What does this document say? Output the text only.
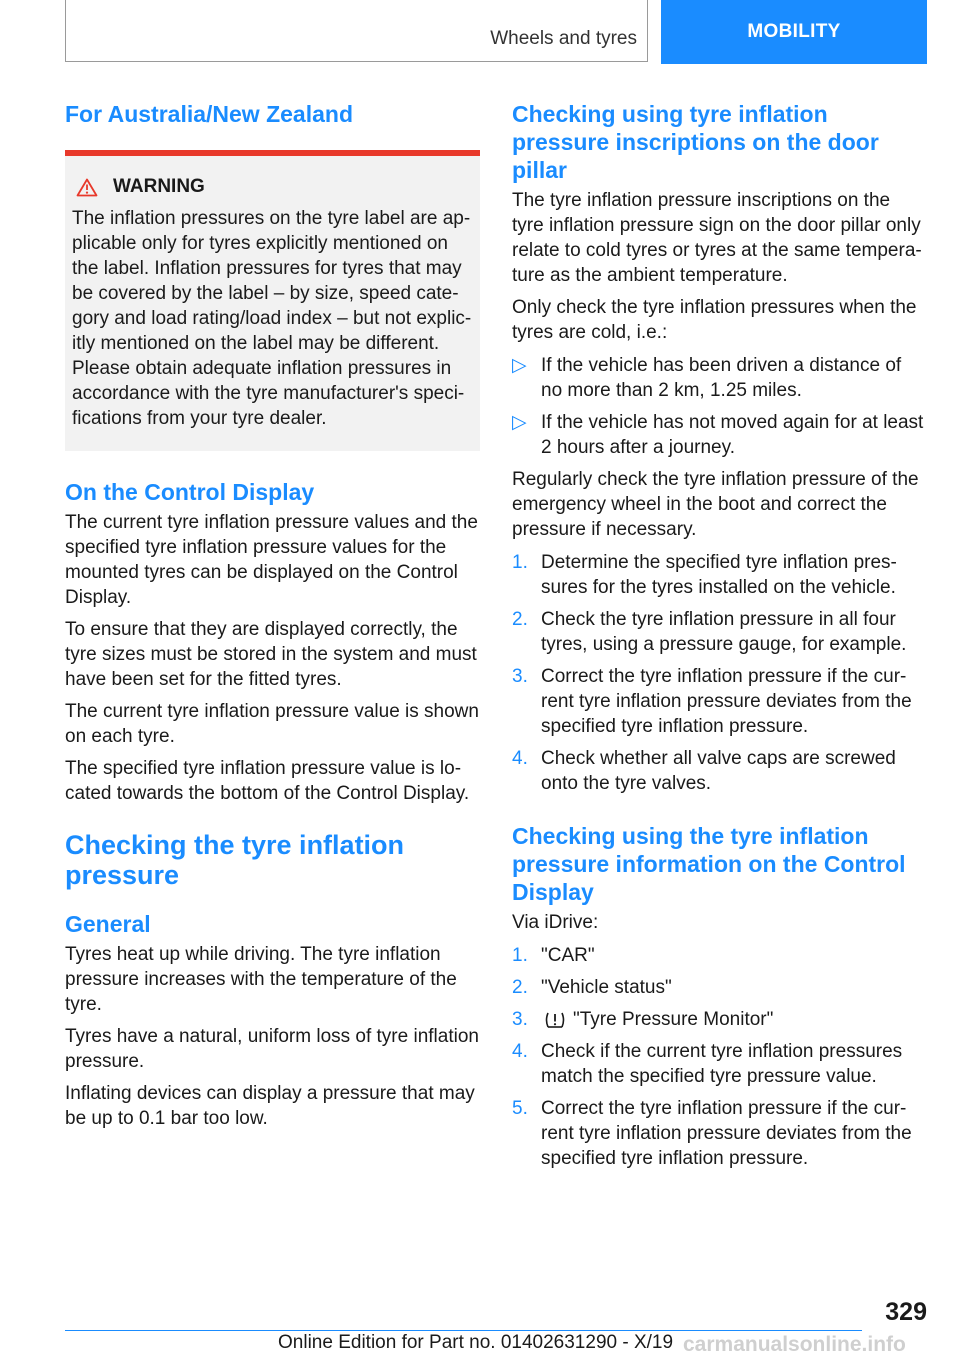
Wheels and tyres	MOBILITY
For Australia/New Zealand
WARNING

The inflation pressures on the tyre label are ap‐plicable only for tyres explicitly mentioned on the label. Inflation pressures for tyres that may be covered by the label – by size, speed cate‐gory and load rating/load index – but not explic‐itly mentioned on the label may be different. Please obtain adequate inflation pressures in accordance with the tyre manufacturer's speci‐fications from your tyre dealer.

On the Control Display

The current tyre inflation pressure values and the specified tyre inflation pressure values for the mounted tyres can be displayed on the Control Display.

To ensure that they are displayed correctly, the tyre sizes must be stored in the system and must have been set for the fitted tyres.

The current tyre inflation pressure value is shown on each tyre.

The specified tyre inflation pressure value is lo‐cated towards the bottom of the Control Display.

Checking the tyre inflation pressure
General

Tyres heat up while driving. The tyre inflation pressure increases with the temperature of the tyre.

Tyres have a natural, uniform loss of tyre inflation pressure.

Inflating devices can display a pressure that may be up to 0.1 bar too low.

Checking using tyre inflation pressure inscriptions on the door pillar

The tyre inflation pressure inscriptions on the tyre inflation pressure sign on the door pillar only relate to cold tyres or tyres at the same tempera‐ture as the ambient temperature.

Only check the tyre inflation pressures when the tyres are cold, i.e.:

▷ If the vehicle has been driven a distance of no more than 2 km, 1.25 miles.
▷ If the vehicle has not moved again for at least 2 hours after a journey.

Regularly check the tyre inflation pressure of the emergency wheel in the boot and correct the pressure if necessary.

1. Determine the specified tyre inflation pres‐sures for the tyres installed on the vehicle.
2. Check the tyre inflation pressure in all four tyres, using a pressure gauge, for example.
3. Correct the tyre inflation pressure if the cur‐rent tyre inflation pressure deviates from the specified tyre inflation pressure.
4. Check whether all valve caps are screwed onto the tyre valves.
Checking using the tyre inflation pressure information on the Control Display

Via iDrive:

1. "CAR"
2. "Vehicle status"
3. "Tyre Pressure Monitor"
4. Check if the current tyre inflation pressures match the specified tyre pressure value.
5. Correct the tyre inflation pressure if the cur‐rent tyre inflation pressure deviates from the specified tyre inflation pressure.
329
Online Edition for Part no. 01402631290 - X/19 carmanualsonline.info
